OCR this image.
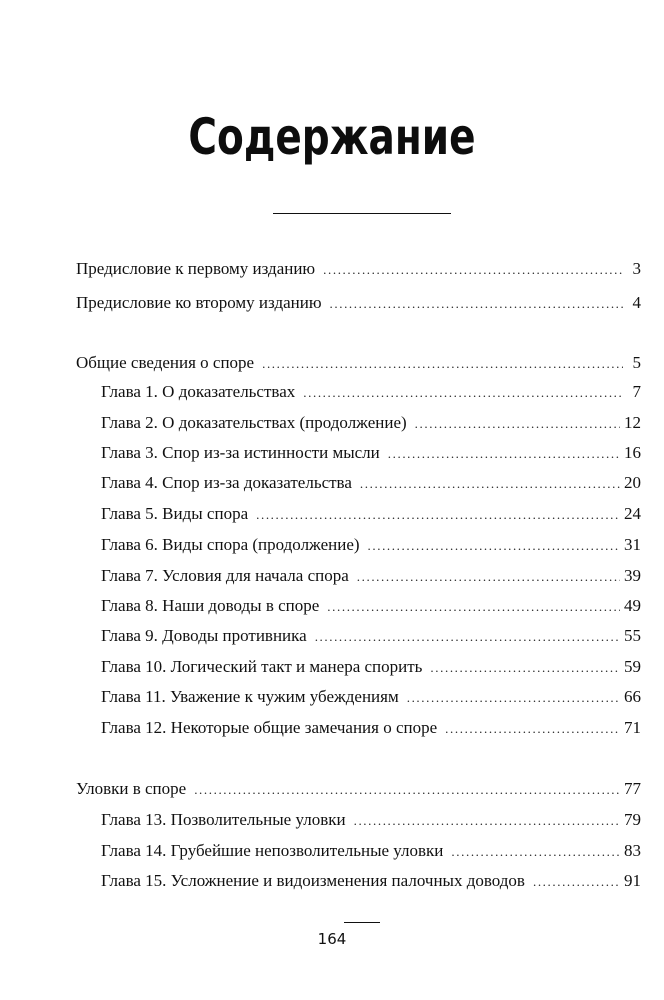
Содержание
Предисловие к первому изданию .....	3
Предисловие ко второму изданию .....	4
Общие сведения о споре .....	5
Глава 1. О доказательствах .....	7
Глава 2. О доказательствах (продолжение) .....	12
Глава 3. Спор из-за истинности мысли .....	16
Глава 4. Спор из-за доказательства .....	20
Глава 5. Виды спора .....	24
Глава 6. Виды спора (продолжение) .....	31
Глава 7. Условия для начала спора .....	39
Глава 8. Наши доводы в споре .....	49
Глава 9. Доводы противника .....	55
Глава 10. Логический такт и манера спорить .....	59
Глава 11. Уважение к чужим убеждениям .....	66
Глава 12. Некоторые общие замечания о споре .....	71
Уловки в споре .....	77
Глава 13. Позволительные уловки .....	79
Глава 14. Грубейшие непозволительные уловки .....	83
Глава 15. Усложнение и видоизменения палочных доводов .....	91
164
